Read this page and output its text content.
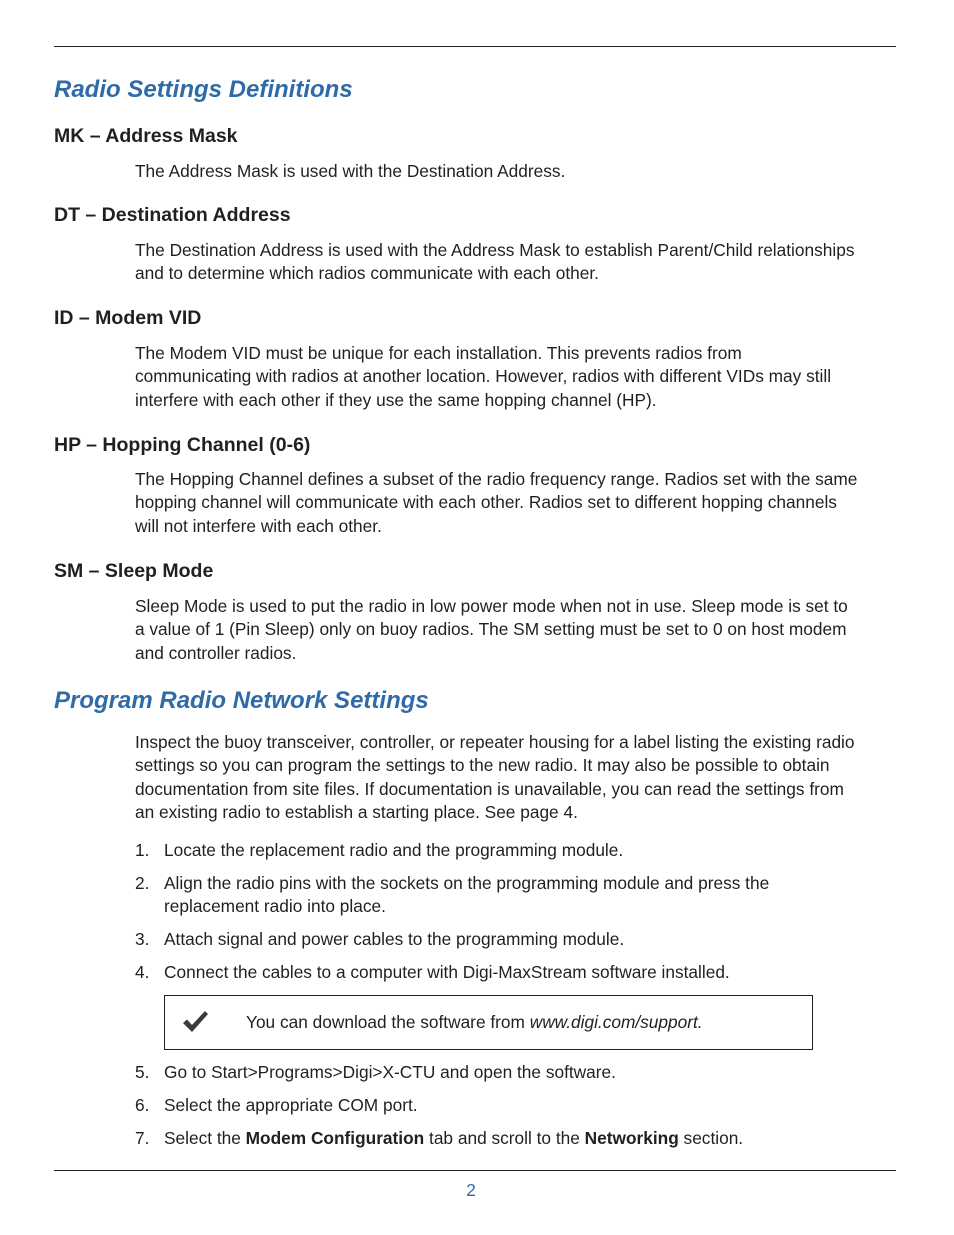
Radio Settings Definitions
MK – Address Mask

The Address Mask is used with the Destination Address.

DT – Destination Address

The Destination Address is used with the Address Mask to establish Parent/Child relationships and to determine which radios communicate with each other.

ID – Modem VID

The Modem VID must be unique for each installation. This prevents radios from communicating with radios at another location. However, radios with different VIDs may still interfere with each other if they use the same hopping channel (HP).

HP – Hopping Channel (0-6)

The Hopping Channel defines a subset of the radio frequency range. Radios set with the same hopping channel will communicate with each other. Radios set to different hopping channels will not interfere with each other.

SM – Sleep Mode

Sleep Mode is used to put the radio in low power mode when not in use. Sleep mode is set to a value of 1 (Pin Sleep) only on buoy radios. The SM setting must be set to 0 on host modem and controller radios.

Program Radio Network Settings

Inspect the buoy transceiver, controller, or repeater housing for a label listing the existing radio settings so you can program the settings to the new radio. It may also be possible to obtain documentation from site files. If documentation is unavailable, you can read the settings from an existing radio to establish a starting place. See page 4.

1. Locate the replacement radio and the programming module.
2. Align the radio pins with the sockets on the programming module and press the replacement radio into place.
3. Attach signal and power cables to the programming module.
4. Connect the cables to a computer with Digi-MaxStream software installed.
You can download the software from www.digi.com/support.
5. Go to Start>Programs>Digi>X-CTU and open the software.
6. Select the appropriate COM port.
7. Select the Modem Configuration tab and scroll to the Networking section.
2
